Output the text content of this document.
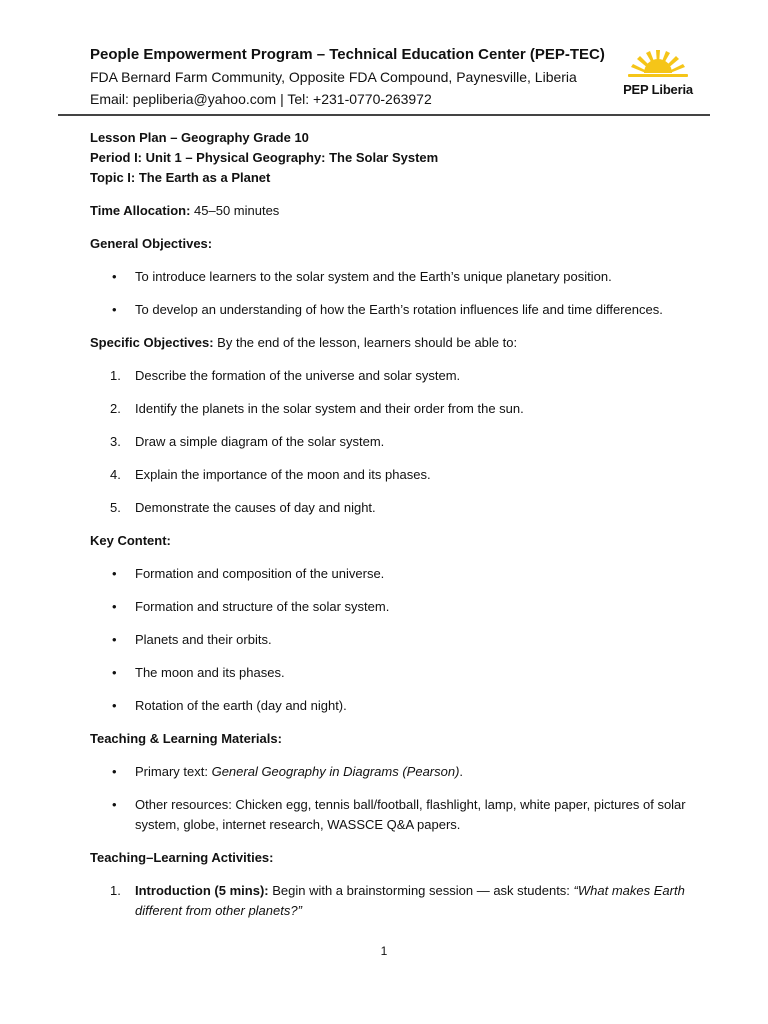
People Empowerment Program – Technical Education Center (PEP-TEC)
FDA Bernard Farm Community, Opposite FDA Compound, Paynesville, Liberia
Email: pepliberia@yahoo.com | Tel: +231-0770-263972
PEP Liberia
Lesson Plan – Geography Grade 10
Period I: Unit 1 – Physical Geography: The Solar System
Topic I: The Earth as a Planet
Time Allocation: 45–50 minutes
General Objectives:
• To introduce learners to the solar system and the Earth’s unique planetary position.
• To develop an understanding of how the Earth’s rotation influences life and time differences.
Specific Objectives: By the end of the lesson, learners should be able to:
1. Describe the formation of the universe and solar system.
2. Identify the planets in the solar system and their order from the sun.
3. Draw a simple diagram of the solar system.
4. Explain the importance of the moon and its phases.
5. Demonstrate the causes of day and night.
Key Content:
• Formation and composition of the universe.
• Formation and structure of the solar system.
• Planets and their orbits.
• The moon and its phases.
• Rotation of the earth (day and night).
Teaching & Learning Materials:
• Primary text: General Geography in Diagrams (Pearson).
• Other resources: Chicken egg, tennis ball/football, flashlight, lamp, white paper, pictures of solar system, globe, internet research, WASSCE Q&A papers.
Teaching–Learning Activities:
1. Introduction (5 mins): Begin with a brainstorming session — ask students: “What makes Earth different from other planets?”
1
